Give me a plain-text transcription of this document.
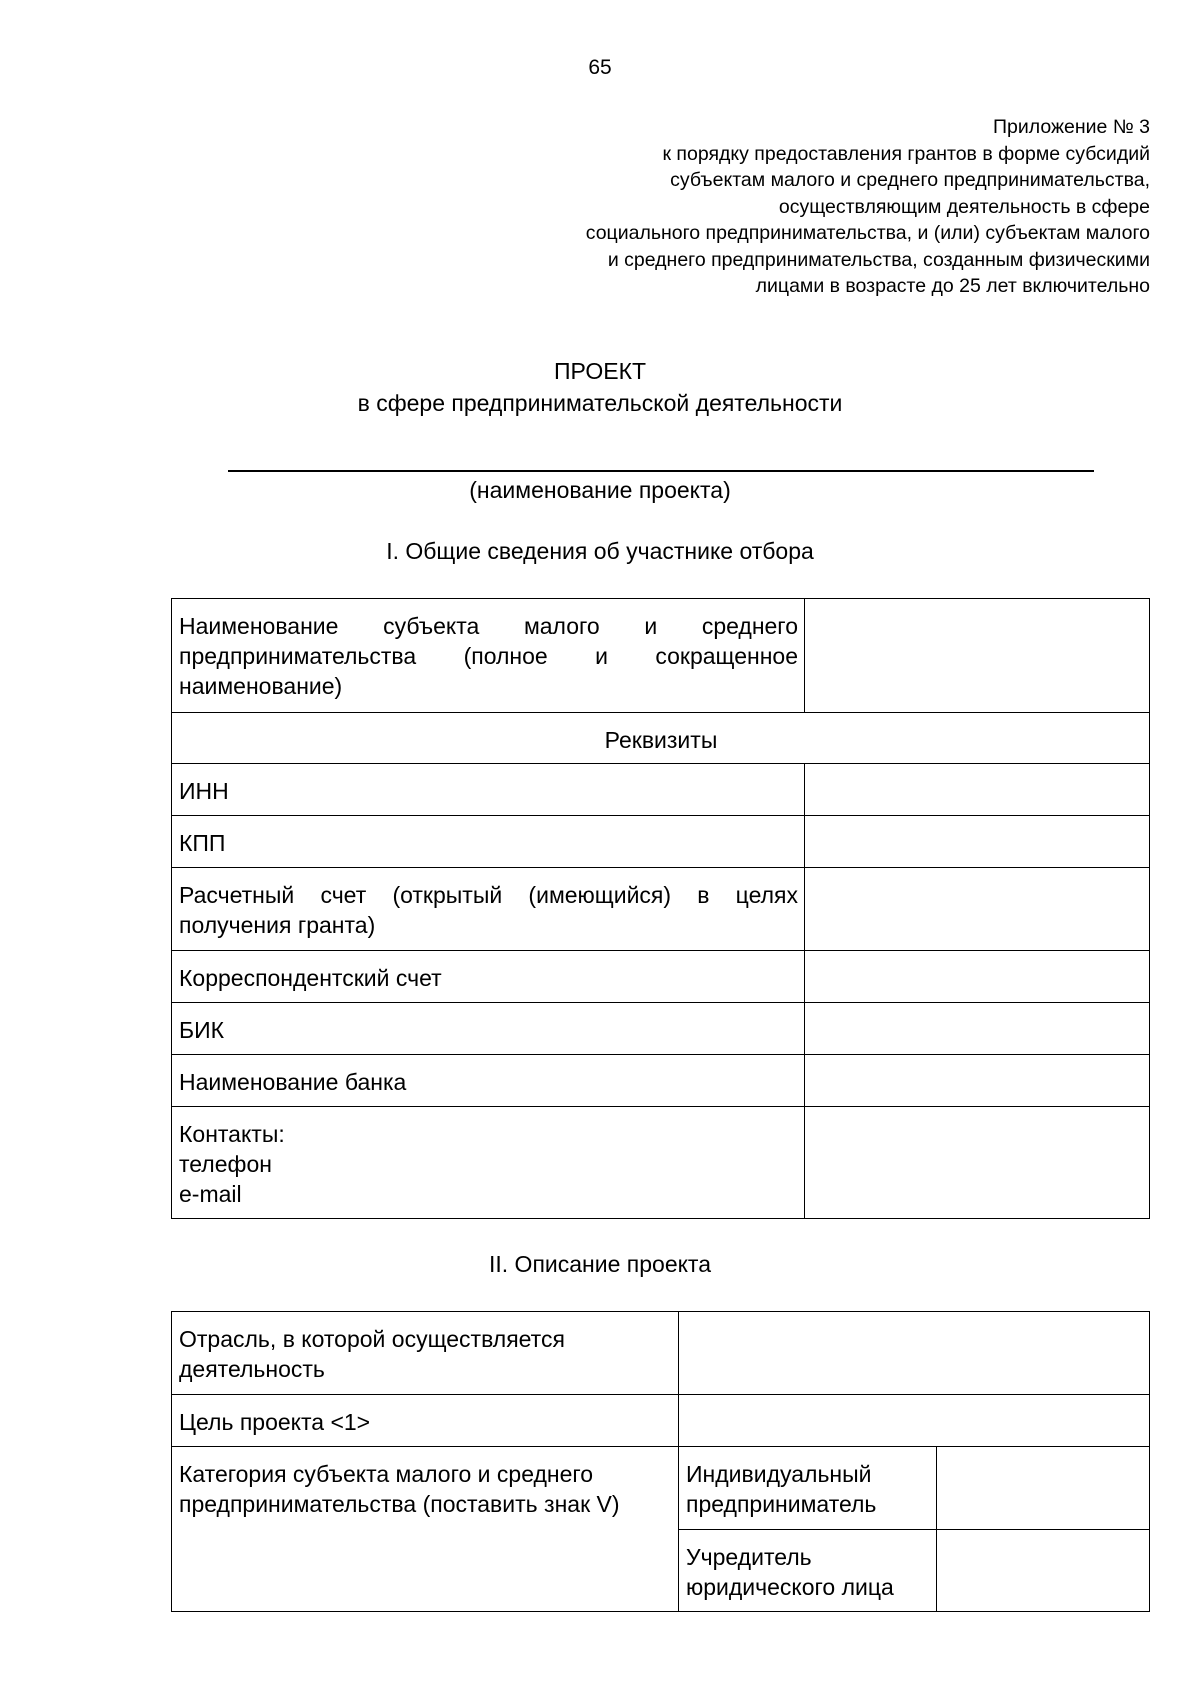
65
Приложение № 3
к порядку предоставления грантов в форме субсидий
субъектам малого и среднего предпринимательства,
осуществляющим деятельность в сфере
социального предпринимательства, и (или) субъектам малого
и среднего предпринимательства, созданным физическими
лицами в возрасте до 25 лет включительно
ПРОЕКТ
в сфере предпринимательской деятельности
(наименование проекта)
I. Общие сведения об участнике отбора
Наименование субъекта малого и среднего предпринимательства (полное и сокращенное наименование)	
Реквизиты	
ИНН	
КПП	
Расчетный счет (открытый (имеющийся) в целях получения гранта)	
Корреспондентский счет	
БИК	
Наименование банка	

Контакты:
телефон
e-mail	

II. Описание проекта
Отрасль, в которой осуществляется деятельность		
Цель проекта <1>		
Категория субъекта малого и среднего предпринимательства (поставить знак V)	Индивидуальный предприниматель	
	Учредитель юридического лица	
